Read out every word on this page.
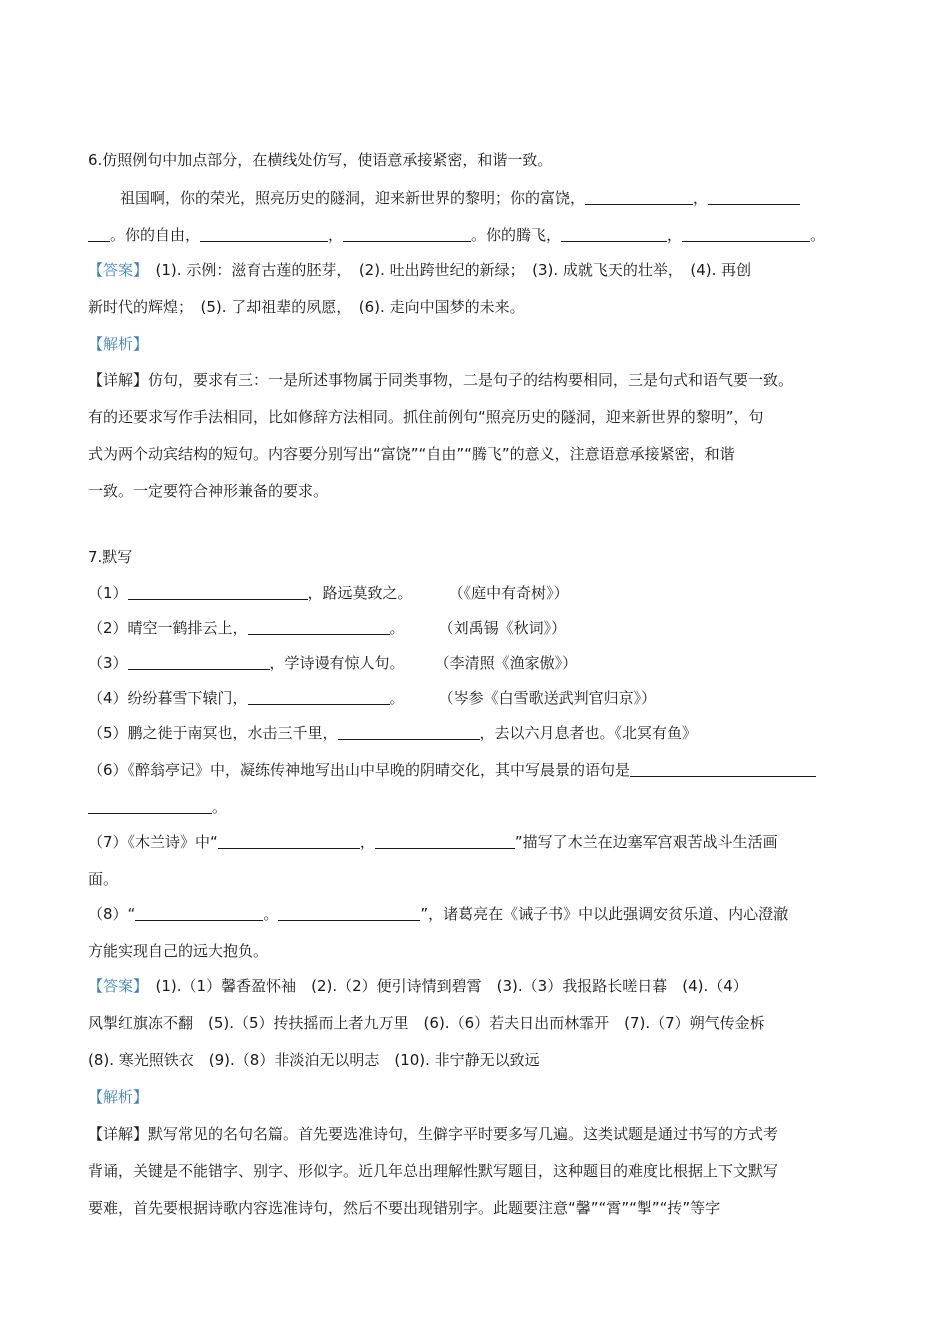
6.仿照例句中加点部分，在横线处仿写，使语意承接紧密，和谐一致。
祖国啊，你的荣光，照亮历史的隧洞，迎来新世界的黎明；你的富饶，	，
。你的自由，	，	。你的腾飞，	，	。
【答案】　 (1). 示例：滋育古莲的胚芽，　(2). 吐出跨世纪的新绿；　(3). 成就飞天的壮举，　(4). 再创
新时代的辉煌；　(5). 了却祖辈的夙愿，　(6). 走向中国梦的未来。
【解析】
【详解】仿句，要求有三：一是所述事物属于同类事物，二是句子的结构要相同，三是句式和语气要一致。
有的还要求写作手法相同，比如修辞方法相同。抓住前例句“照亮历史的隧洞，迎来新世界的黎明”，句
式为两个动宾结构的短句。内容要分别写出“富饶”“自由”“腾飞”的意义，注意语意承接紧密，和谐
一致。一定要符合神形兼备的要求。
7.默写
（1）	，路远莫致之。 （《庭中有奇树》）
（2）晴空一鹤排云上，	。 （刘禹锡《秋词》）
（3）	，学诗谩有惊人句。 （李清照《渔家傲》）
（4）纷纷暮雪下辕门，	。 （岑参《白雪歌送武判官归京》）
（5）鹏之徙于南冥也，水击三千里，	，去以六月息者也。《北冥有鱼》
（6）《醉翁亭记》中，凝练传神地写出山中早晚的阴晴交化，其中写晨景的语句是
。
（7）《木兰诗》中“	，	”描写了木兰在边塞军宫艰苦战斗生活画
面。
（8）“	。	”，诸葛亮在《诫子书》中以此强调安贫乐道、内心澄澈
方能实现自己的远大抱负。
【答案】　 (1).（1）馨香盈怀袖　(2).（2）便引诗情到碧霄　(3).（3）我报路长嗟日暮　(4).（4）
风掣红旗冻不翻　(5).（5）抟扶摇而上者九万里　(6).（6）若夫日出而林霏开　(7).（7）朔气传金柝
(8). 寒光照铁衣　(9).（8）非淡泊无以明志　(10). 非宁静无以致远
【解析】
【详解】默写常见的名句名篇。首先要选准诗句，生僻字平时要多写几遍。这类试题是通过书写的方式考
背诵，关键是不能错字、别字、形似字。近几年总出理解性默写题目，这种题目的难度比根据上下文默写
要难，首先要根据诗歌内容选准诗句，然后不要出现错别字。此题要注意“馨”“霄”“掣”“抟”等字
